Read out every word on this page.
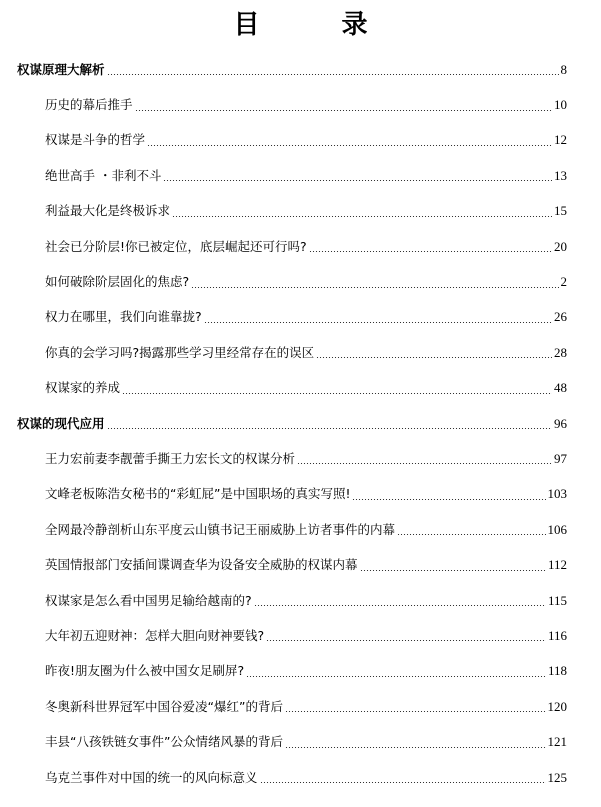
目　录
权谋原理大解析	8
历史的幕后推手	10
权谋是斗争的哲学	12
绝世高手 ・非利不斗	13
利益最大化是终极诉求	15
社会已分阶层!你已被定位，底层崛起还可行吗?	20
如何破除阶层固化的焦虑?	2
权力在哪里，我们向谁靠拢?	26
你真的会学习吗?揭露那些学习里经常存在的误区	28
权谋家的养成	48
权谋的现代应用	96
王力宏前妻李靓蕾手撕王力宏长文的权谋分析	97
文峰老板陈浩女秘书的“彩虹屁”是中国职场的真实写照!	103
全网最冷静剖析山东平度云山镇书记王丽威胁上访者事件的内幕	106
英国情报部门安插间谍调查华为设备安全威胁的权谋内幕	112
权谋家是怎么看中国男足输给越南的?	115
大年初五迎财神：怎样大胆向财神要钱?	116
昨夜!朋友圈为什么被中国女足刷屏?	118
冬奥新科世界冠军中国谷爱凌“爆红”的背后	120
丰县“八孩铁链女事件”公众情绪风暴的背后	121
乌克兰事件对中国的统一的风向标意义	125
